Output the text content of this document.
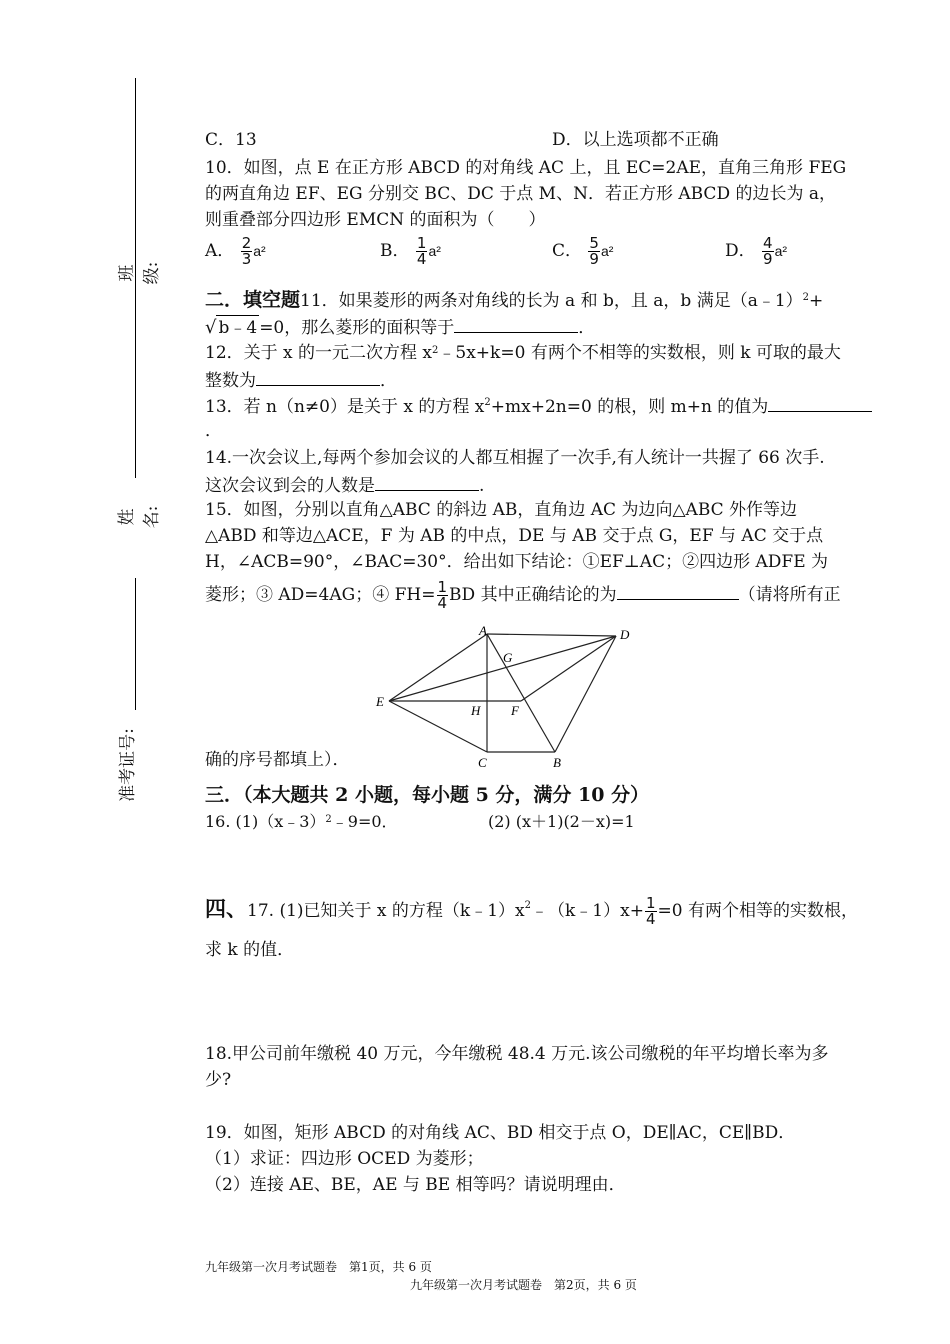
班级:
姓名:
准考证号:
C．13	D．以上选项都不正确
10．如图，点 E 在正方形 ABCD 的对角线 AC 上，且 EC=2AE，直角三角形 FEG
的两直角边 EF、EG 分别交 BC、DC 于点 M、N．若正方形 ABCD 的边长为 a，
则重叠部分四边形 EMCN 的面积为（　　）
A． $\frac{2}{3} a^2$	B． $\frac{1}{4} a^2$	C． $\frac{5}{9} a^2$	D． $\frac{4}{9} a^2$
二．填空题11．如果菱形的两条对角线的长为 a 和 b，且 a，b 满足（a﹣1）$^2$+
√ b﹣4 =0，那么菱形的面积等于	．
12．关于 x 的一元二次方程 $x^2﹣5x+k=0$ 有两个不相等的实数根，则 k 可取的最大
整数为	．
13．若 n（n≠0）是关于 x 的方程 $x^2+mx+2n=0$ 的根，则 m+n 的值为
．
14.一次会议上,每两个参加会议的人都互相握了一次手,有人统计一共握了 66 次手.
这次会议到会的人数是	.
15．如图，分别以直角△ABC 的斜边 AB，直角边 AC 为边向△ABC 外作等边
△ABD 和等边△ACE，F 为 AB 的中点，DE 与 AB 交于点 G，EF 与 AC 交于点
H，∠ACB=90°，∠BAC=30°．给出如下结论：①EF⊥AC；②四边形 ADFE 为
菱形；③ AD=4AG；④ $FH= \frac{1}{4}$ BD 其中正确结论的为	（请将所有正
A	D
G
E
H F
C	B
确的序号都填上）．
三．（本大题共 2 小题，每小题 5 分，满分 10 分）
16. (1)（x﹣3）$^2$﹣9=0．	(2) (x＋1)(2－x)=1
四、17. (1)已知关于 x 的方程$(k﹣1)x^2﹣(k﹣1)x+ \frac{1}{4} =0$ 有两个相等的实数根，
求 k 的值．
18.甲公司前年缴税 40 万元，今年缴税 48.4 万元.该公司缴税的年平均增长率为多
少?
19．如图，矩形 ABCD 的对角线 AC、BD 相交于点 O，DE∥AC，CE∥BD．
（1）求证：四边形 OCED 为菱形；
（2）连接 AE、BE，AE 与 BE 相等吗？请说明理由．
九年级第一次月考试题卷　第1页，共 6 页
九年级第一次月考试题卷　第2页，共 6 页
